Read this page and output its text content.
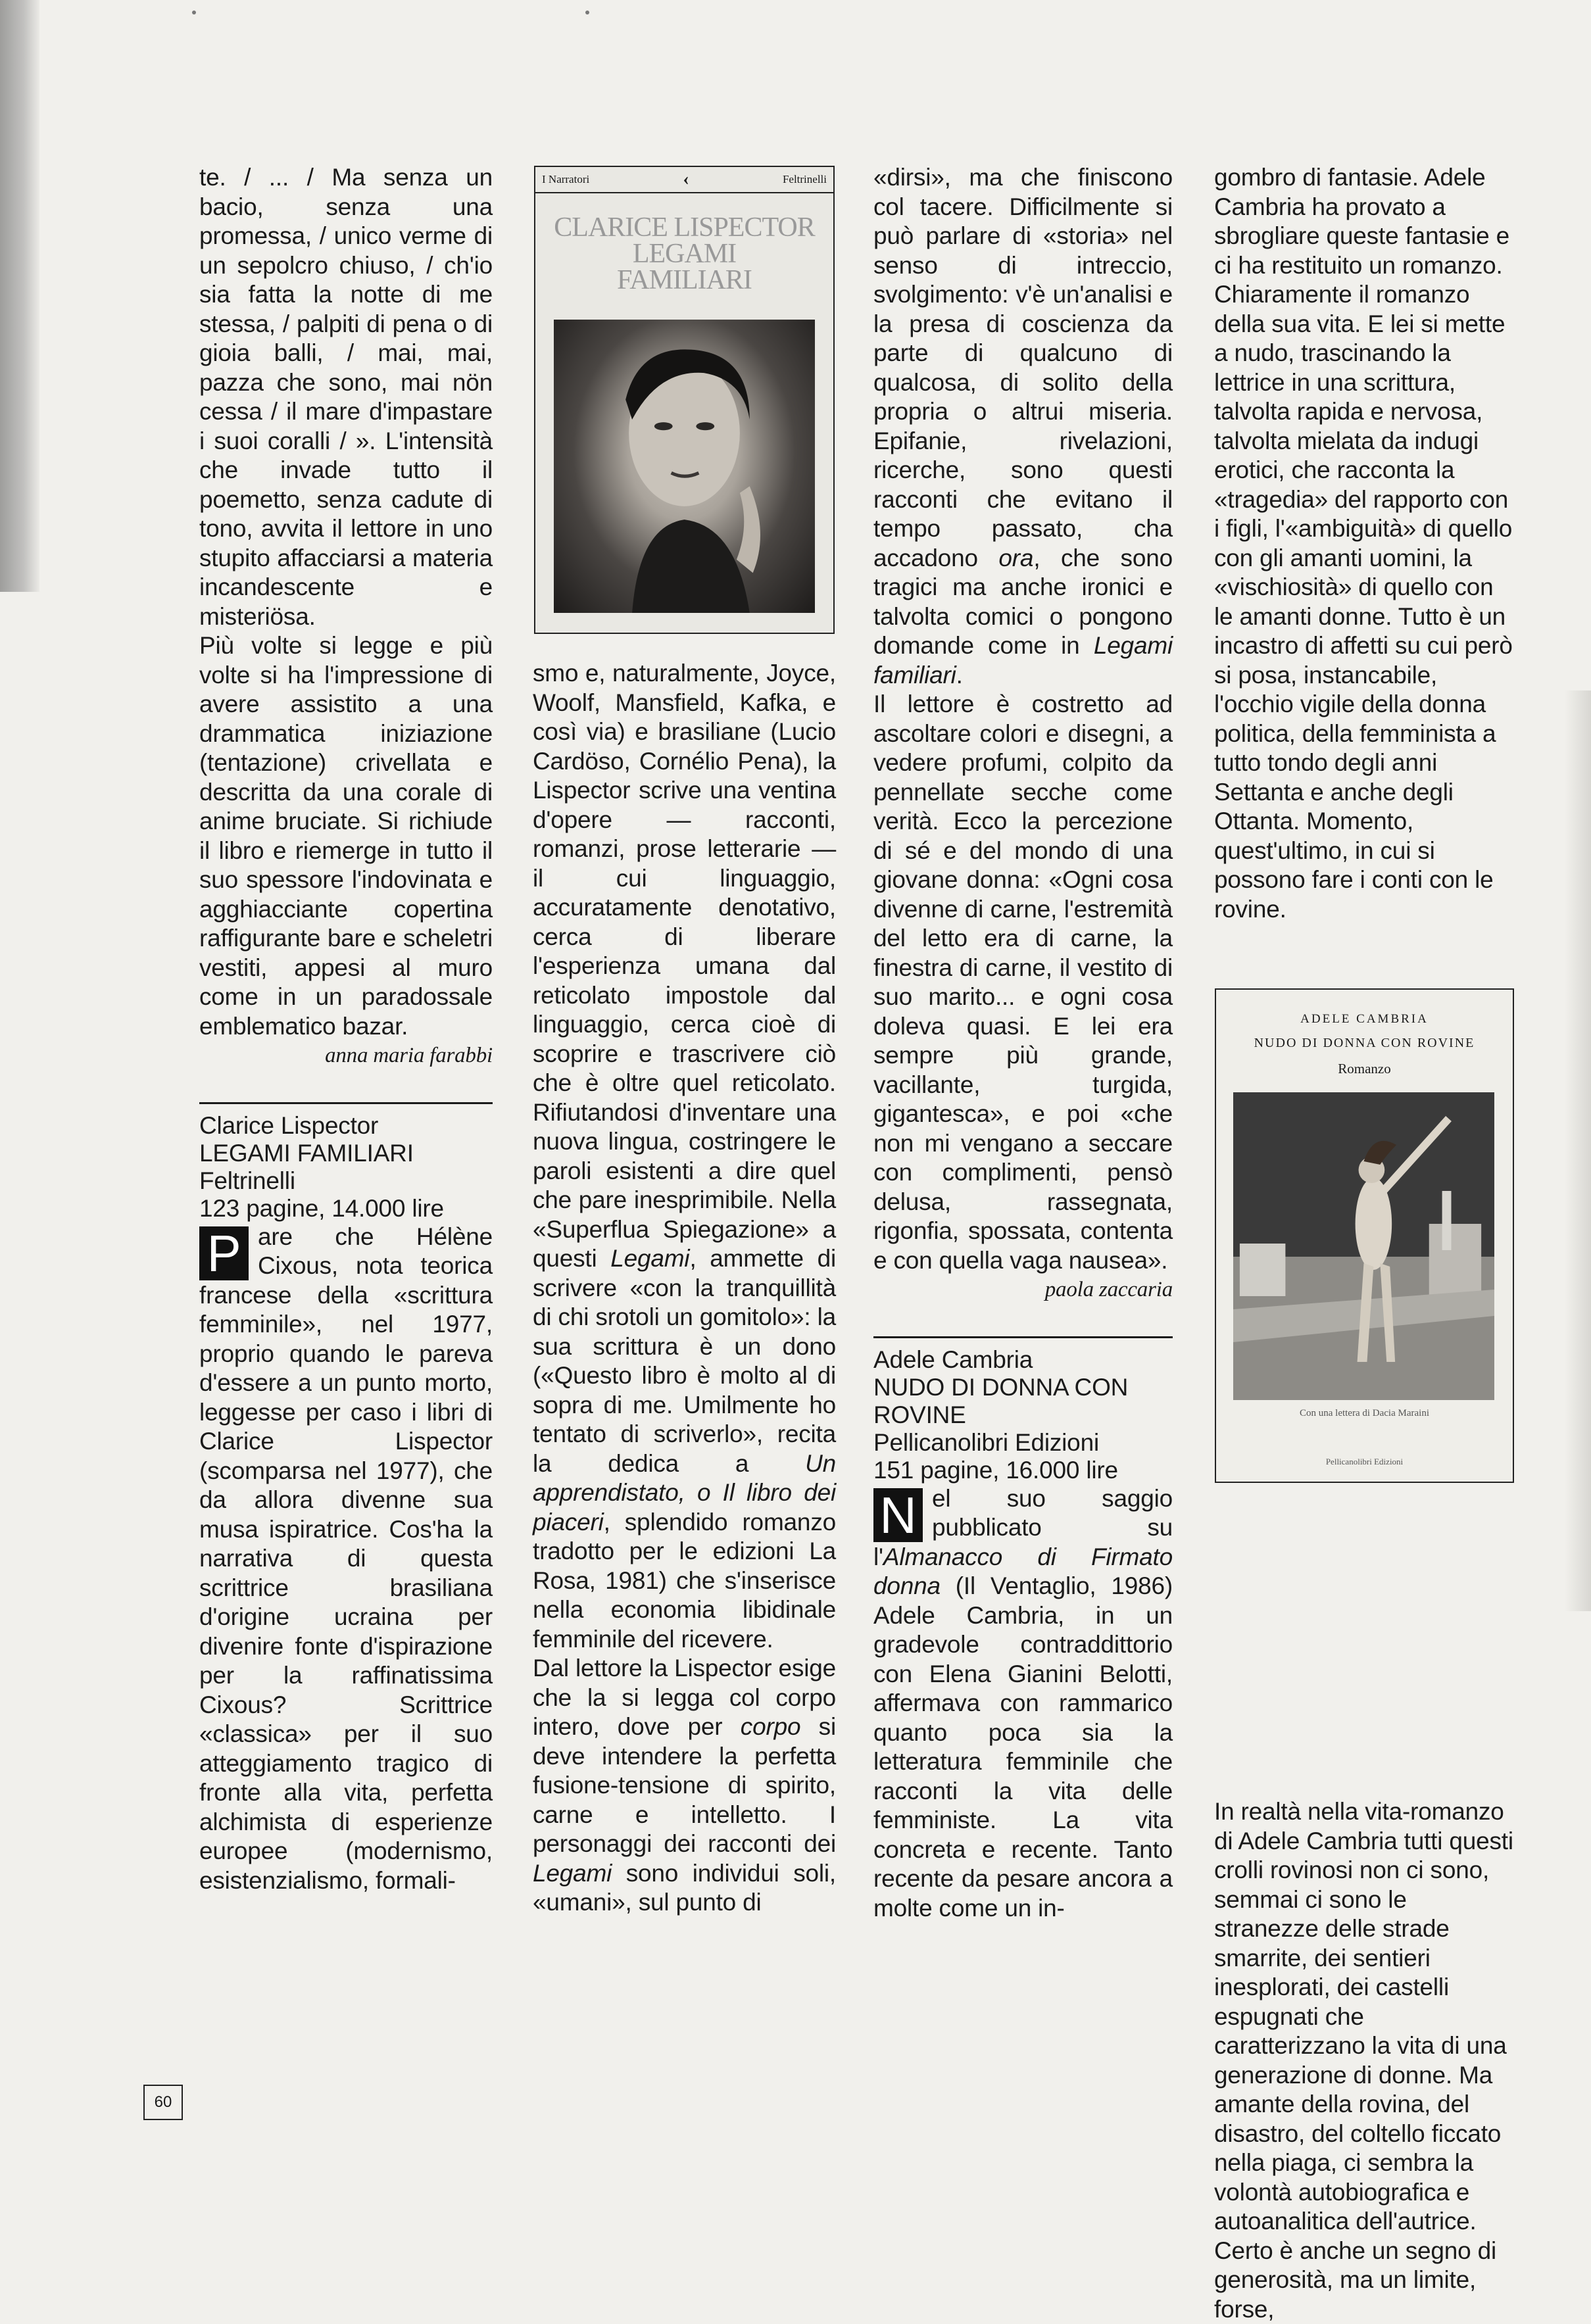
te. / ... / Ma senza un bacio, senza una promessa, / unico verme di un sepolcro chiuso, / ch'io sia fatta la notte di me stessa, / palpiti di pena o di gioia balli, / mai, mai, pazza che sono, mai nön cessa / il mare d'impastare i suoi coralli / ». L'intensità che invade tutto il poemetto, senza cadute di tono, avvita il lettore in uno stupito affacciarsi a materia incandescente e misteriösa.

Più volte si legge e più volte si ha l'impressione di avere assistito a una drammatica iniziazione (tentazione) crivellata e descritta da una corale di anime bruciate. Si richiude il libro e riemerge in tutto il suo spessore l'indovinata e agghiacciante copertina raffigurante bare e scheletri vestiti, appesi al muro come in un paradossale emblematico bazar.

anna maria farabbi

Clarice Lispector
LEGAMI FAMILIARI
Feltrinelli
123 pagine, 14.000 lire

P are che Hélène Cixous, nota teorica francese della «scrittura femminile», nel 1977, proprio quando le pareva d'essere a un punto morto, leggesse per caso i libri di Clarice Lispector (scomparsa nel 1977), che da allora divenne sua musa ispiratrice. Cos'ha la narrativa di questa scrittrice brasiliana d'origine ucraina per divenire fonte d'ispirazione per la raffinatissima Cixous? Scrittrice «classica» per il suo atteggiamento tragico di fronte alla vita, perfetta alchimista di esperienze europee (modernismo, esistenzialismo, formali-

I Narratori	‹	Feltrinelli
CLARICE LISPECTOR
LEGAMI
FAMILIARI

smo e, naturalmente, Joyce, Woolf, Mansfield, Kafka, e così via) e brasiliane (Lucio Cardöso, Cornélio Pena), la Lispector scrive una ventina d'opere — racconti, romanzi, prose letterarie — il cui linguaggio, accuratamente denotativo, cerca di liberare l'esperienza umana dal reticolato impostole dal linguaggio, cerca cioè di scoprire e trascrivere ciò che è oltre quel reticolato. Rifiutandosi d'inventare una nuova lingua, costringere le paroli esistenti a dire quel che pare inesprimibile. Nella «Superflua Spiegazione» a questi Legami, ammette di scrivere «con la tranquillità di chi srotoli un gomitolo»: la sua scrittura è un dono («Questo libro è molto al di sopra di me. Umilmente ho tentato di scriverlo», recita la dedica a Un apprendistato, o Il libro dei piaceri, splendido romanzo tradotto per le edizioni La Rosa, 1981) che s'inserisce nella economia libidinale femminile del ricevere.

Dal lettore la Lispector esige che la si legga col corpo intero, dove per corpo si deve intendere la perfetta fusione-tensione di spirito, carne e intelletto. I personaggi dei racconti dei Legami sono individui soli, «umani», sul punto di

«dirsi», ma che finiscono col tacere. Difficilmente si può parlare di «storia» nel senso di intreccio, svolgimento: v'è un'analisi e la presa di coscienza da parte di qualcuno di qualcosa, di solito della propria o altrui miseria. Epifanie, rivelazioni, ricerche, sono questi racconti che evitano il tempo passato, cha accadono ora, che sono tragici ma anche ironici e talvolta comici o pongono domande come in Legami familiari.

Il lettore è costretto ad ascoltare colori e disegni, a vedere profumi, colpito da pennellate secche come verità. Ecco la percezione di sé e del mondo di una giovane donna: «Ogni cosa divenne di carne, l'estremità del letto era di carne, la finestra di carne, il vestito di suo marito... e ogni cosa doleva quasi. E lei era sempre più grande, vacillante, turgida, gigantesca», e poi «che non mi vengano a seccare con complimenti, pensò delusa, rassegnata, rigonfia, spossata, contenta e con quella vaga nausea».

paola zaccaria

Adele Cambria
NUDO DI DONNA CON ROVINE
Pellicanolibri Edizioni
151 pagine, 16.000 lire

N el suo saggio pubblicato su l'Almanacco di Firmato donna (Il Ventaglio, 1986) Adele Cambria, in un gradevole contraddittorio con Elena Gianini Belotti, affermava con rammarico quanto poca sia la letteratura femminile che racconti la vita delle femministe. La vita concreta e recente. Tanto recente da pesare ancora a molte come un in-

gombro di fantasie. Adele Cambria ha provato a sbrogliare queste fantasie e ci ha restituito un romanzo. Chiaramente il romanzo della sua vita. E lei si mette a nudo, trascinando la lettrice in una scrittura, talvolta rapida e nervosa, talvolta mielata da indugi erotici, che racconta la «tragedia» del rapporto con i figli, l'«ambiguità» di quello con gli amanti uomini, la «vischiosità» di quello con le amanti donne. Tutto è un incastro di affetti su cui però si posa, instancabile, l'occhio vigile della donna politica, della femminista a tutto tondo degli anni Settanta e anche degli Ottanta. Momento, quest'ultimo, in cui si possono fare i conti con le rovine.

In realtà nella vita-romanzo di Adele Cambria tutti questi crolli rovinosi non ci sono, semmai ci sono le stranezze delle strade smarrite, dei sentieri inesplorati, dei castelli espugnati che caratterizzano la vita di una generazione di donne. Ma amante della rovina, del disastro, del coltello ficcato nella piaga, ci sembra la volontà autobiografica e autoanalitica dell'autrice. Certo è anche un segno di generosità, ma un limite, forse,

ADELE CAMBRIA
NUDO DI DONNA CON ROVINE
Romanzo
Con una lettera di Dacia Maraini
Pellicanolibri Edizioni
60
